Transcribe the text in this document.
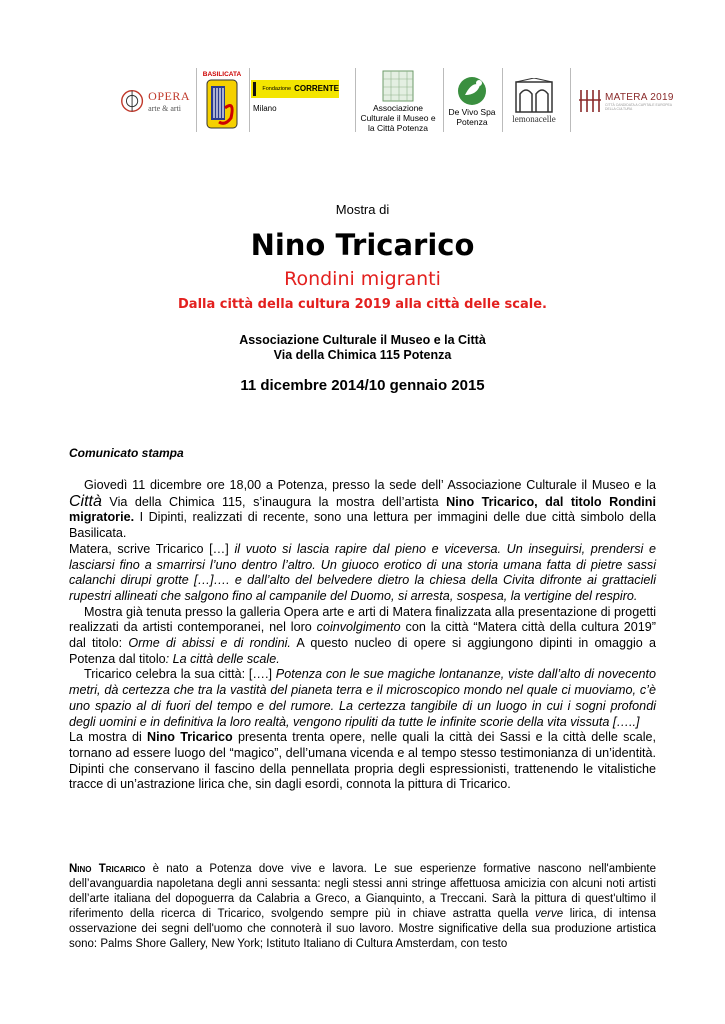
OPERA
arte & arti
BASILICATA
Fondazione CORRENTE
Milano	Associazione Culturale il Museo e la Città Potenza
De Vivo Spa Potenza	lemonacelle
MATERA 2019
CITTÀ CANDIDATA A CAPITALE EUROPEA DELLA CULTURA
Mostra di
Nino Tricarico
Rondini migranti
Dalla città della cultura 2019 alla città delle scale.
Associazione Culturale il Museo e la Città
Via della Chimica 115 Potenza
11 dicembre 2014/10 gennaio 2015
Comunicato stampa

Giovedì 11 dicembre ore 18,00 a Potenza, presso la sede dell’ Associazione Culturale il Museo e la Città Via della Chimica 115, s’inaugura la mostra dell’artista Nino Tricarico, dal titolo Rondini migratorie. I Dipinti, realizzati di recente, sono una lettura per immagini delle due città simbolo della Basilicata.

Matera, scrive Tricarico […] il vuoto si lascia rapire dal pieno e viceversa. Un inseguirsi, prendersi e lasciarsi fino a smarrirsi l’uno dentro l’altro. Un giuoco erotico di una storia umana fatta di pietre sassi calanchi dirupi grotte […]…. e dall’alto del belvedere dietro la chiesa della Civita difronte ai grattacieli rupestri allineati che salgono fino al campanile del Duomo, si arresta, sospesa, la vertigine del respiro.

Mostra già tenuta presso la galleria Opera arte e arti di Matera finalizzata alla presentazione di progetti realizzati da artisti contemporanei, nel loro coinvolgimento con la città “Matera città della cultura 2019” dal titolo: Orme di abissi e di rondini. A questo nucleo di opere si aggiungono dipinti in omaggio a Potenza dal titolo: La città delle scale.

Tricarico celebra la sua città: [….] Potenza con le sue magiche lontananze, viste dall’alto di novecento metri, dà certezza che tra la vastità del pianeta terra e il microscopico mondo nel quale ci muoviamo, c’è uno spazio al di fuori del tempo e del rumore. La certezza tangibile di un luogo in cui i sogni profondi degli uomini e in definitiva la loro realtà, vengono ripuliti da tutte le infinite scorie della vita vissuta […..]

La mostra di Nino Tricarico presenta trenta opere, nelle quali la città dei Sassi e la città delle scale, tornano ad essere luogo del “magico”, dell’umana vicenda e al tempo stesso testimonianza di un’identità. Dipinti che conservano il fascino della pennellata propria degli espressionisti, trattenendo le vitalistiche tracce di un’astrazione lirica che, sin dagli esordi, connota la pittura di Tricarico.

Nino Tricarico è nato a Potenza dove vive e lavora. Le sue esperienze formative nascono nell'ambiente dell’avanguardia napoletana degli anni sessanta: negli stessi anni stringe affettuosa amicizia con alcuni noti artisti dell’arte italiana del dopoguerra da Calabria a Greco, a Gianquinto, a Treccani. Sarà la pittura di quest'ultimo il riferimento della ricerca di Tricarico, svolgendo sempre più in chiave astratta quella verve lirica, di intensa osservazione dei segni dell'uomo che connoterà il suo lavoro. Mostre significative della sua produzione artistica sono: Palms Shore Gallery, New York; Istituto Italiano di Cultura Amsterdam, con testo
